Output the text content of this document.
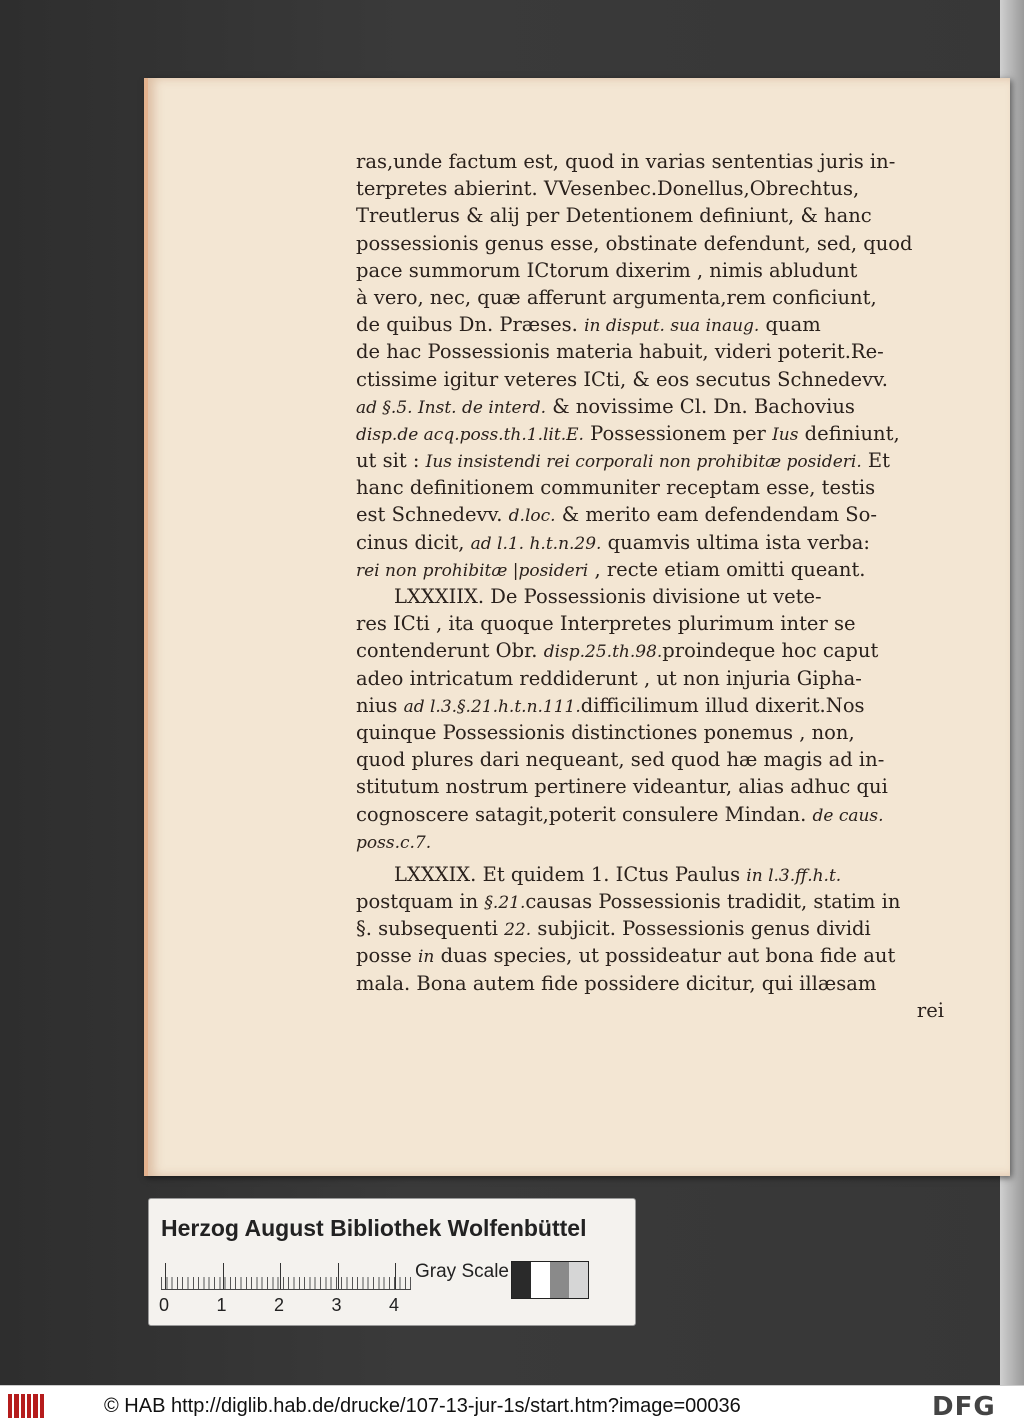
ras,unde factum est, quod in varias sententias juris in-
terpretes abierint. VVesenbec.Donellus,Obrechtus,
Treutlerus & alij per Detentionem definiunt, & hanc
possessionis genus esse, obstinate defendunt, sed, quod
pace summorum ICtorum dixerim , nimis abludunt
à vero, nec, quæ afferunt argumenta,rem conficiunt,
de quibus Dn. Præses. in disput. sua inaug. quam
de hac Possessionis materia habuit, videri poterit.Re-
ctissime igitur veteres ICti, & eos secutus Schnedevv.
ad §.5. Inst. de interd. & novissime Cl. Dn. Bachovius
disp.de acq.poss.th.1.lit.E. Possessionem per Ius definiunt,
ut sit : Ius insistendi rei corporali non prohibitæ posideri. Et
hanc definitionem communiter receptam esse, testis
est Schnedevv. d.loc. & merito eam defendendam So-
cinus dicit, ad l.1. h.t.n.29. quamvis ultima ista verba:
rei non prohibitæ |posideri , recte etiam omitti queant.
LXXXIIX. De Possessionis divisione ut vete-
res ICti , ita quoque Interpretes plurimum inter se
contenderunt Obr. disp.25.th.98.proindeque hoc caput
adeo intricatum reddiderunt , ut non injuria Gipha-
nius ad l.3.§.21.h.t.n.111.difficilimum illud dixerit.Nos
quinque Possessionis distinctiones ponemus , non,
quod plures dari nequeant, sed quod hæ magis ad in-
stitutum nostrum pertinere videantur, alias adhuc qui
cognoscere satagit,poterit consulere Mindan. de caus.
poss.c.7.
LXXXIX. Et quidem 1. ICtus Paulus in l.3.ff.h.t.
postquam in §.21.causas Possessionis tradidit, statim in
§. subsequenti 22. subjicit. Possessionis genus dividi
posse in duas species, ut possideatur aut bona fide aut
mala. Bona autem fide possidere dicitur, qui illæsam
rei
Herzog August Bibliothek Wolfenbüttel
0	1	2	3	4
Gray Scale
© HAB http://diglib.hab.de/drucke/107-13-jur-1s/start.htm?image=00036	DFG
